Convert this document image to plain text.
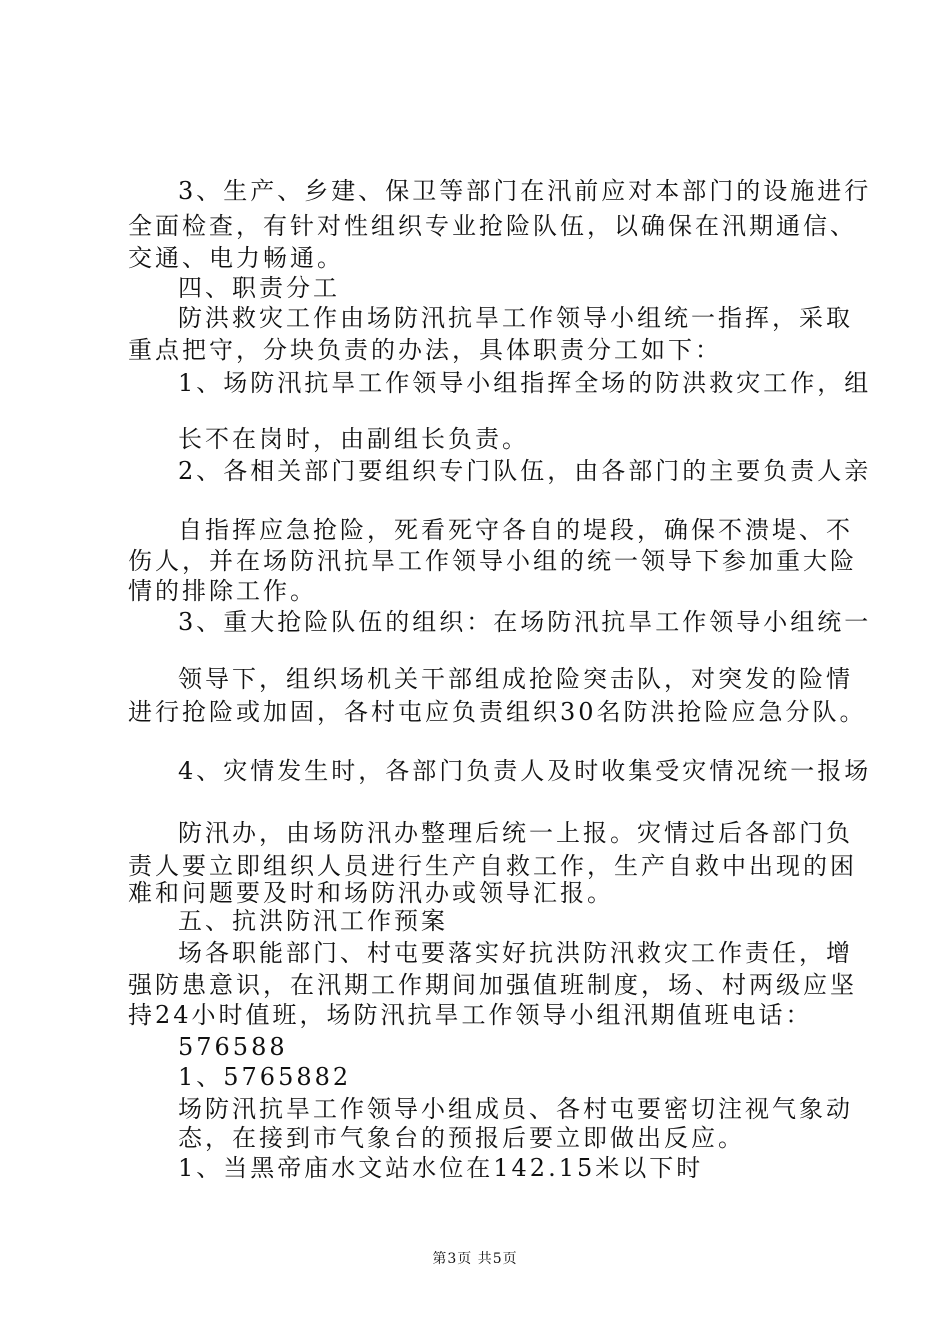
3、生产、乡建、保卫等部门在汛前应对本部门的设施进行
全面检查，有针对性组织专业抢险队伍，以确保在汛期通信、
交通、电力畅通。
四、职责分工
防洪救灾工作由场防汛抗旱工作领导小组统一指挥，采取
重点把守，分块负责的办法，具体职责分工如下：
1、场防汛抗旱工作领导小组指挥全场的防洪救灾工作，组
长不在岗时，由副组长负责。
2、各相关部门要组织专门队伍，由各部门的主要负责人亲
自指挥应急抢险，死看死守各自的堤段，确保不溃堤、不
伤人，并在场防汛抗旱工作领导小组的统一领导下参加重大险
情的排除工作。
3、重大抢险队伍的组织：在场防汛抗旱工作领导小组统一
领导下，组织场机关干部组成抢险突击队，对突发的险情
进行抢险或加固，各村屯应负责组织30名防洪抢险应急分队。
4、灾情发生时，各部门负责人及时收集受灾情况统一报场
防汛办，由场防汛办整理后统一上报。灾情过后各部门负
责人要立即组织人员进行生产自救工作，生产自救中出现的困
难和问题要及时和场防汛办或领导汇报。
五、抗洪防汛工作预案
场各职能部门、村屯要落实好抗洪防汛救灾工作责任，增
强防患意识，在汛期工作期间加强值班制度，场、村两级应坚
持24小时值班，场防汛抗旱工作领导小组汛期值班电话：
576588
1、5765882
场防汛抗旱工作领导小组成员、各村屯要密切注视气象动
态，在接到市气象台的预报后要立即做出反应。
1、当黑帝庙水文站水位在142.15米以下时
第3页 共5页
